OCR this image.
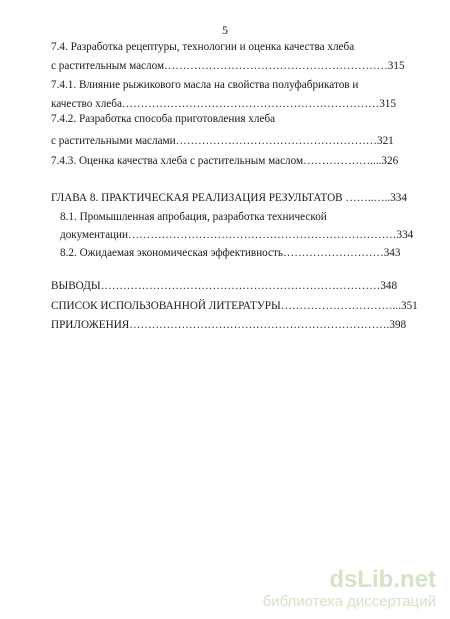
5
7.4. Разработка рецептуры, технологии и оценка качества хлеба
с растительным маслом……………………………………………………315
7.4.1. Влияние рыжикового масла на свойства полуфабрикатов и
качество хлеба……………………………………………………………315
7.4.2. Разработка способа приготовления хлеба
с растительными маслами………………………………………………321
7.4.3. Оценка качества хлеба с растительным маслом………………....326
ГЛАВА 8. ПРАКТИЧЕСКАЯ РЕАЛИЗАЦИЯ РЕЗУЛЬТАТОВ ……..…..334
8.1. Промышленная апробация, разработка технической
документации………………………………………………………………334
8.2. Ожидаемая экономическая эффективность………………………343
ВЫВОДЫ…………………………………………………………………348
СПИСОК ИСПОЛЬЗОВАННОЙ ЛИТЕРАТУРЫ…………………………...351
ПРИЛОЖЕНИЯ…………………………………………………………….398
dsLib.net
библиотека диссертаций
